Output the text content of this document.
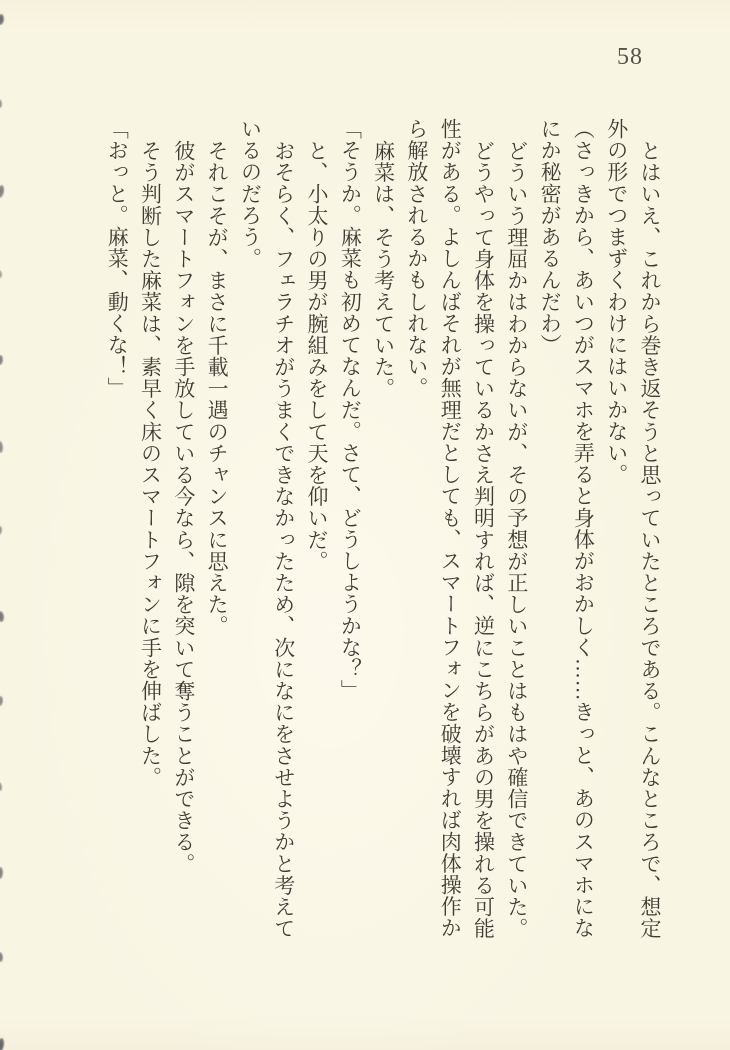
58

とはいえ、これから巻き返そうと思っていたところである。こんなところで、想定

外の形でつまずくわけにはいかない。

（さっきから、あいつがスマホを弄ると身体がおかしく……きっと、あのスマホにな

にか秘密があるんだわ）

どういう理屈かはわからないが、その予想が正しいことはもはや確信できていた。

どうやって身体を操っているかさえ判明すれば、逆にこちらがあの男を操れる可能

性がある。よしんばそれが無理だとしても、スマートフォンを破壊すれば肉体操作か

ら解放されるかもしれない。

麻菜は、そう考えていた。

「そうか。麻菜も初めてなんだ。さて、どうしようかな？」

と、小太りの男が腕組みをして天を仰いだ。

おそらく、フェラチオがうまくできなかったため、次になにをさせようかと考えて

いるのだろう。

それこそが、まさに千載一遇のチャンスに思えた。

彼がスマートフォンを手放している今なら、隙を突いて奪うことができる。

そう判断した麻菜は、素早く床のスマートフォンに手を伸ばした。

「おっと。麻菜、動くな！」
